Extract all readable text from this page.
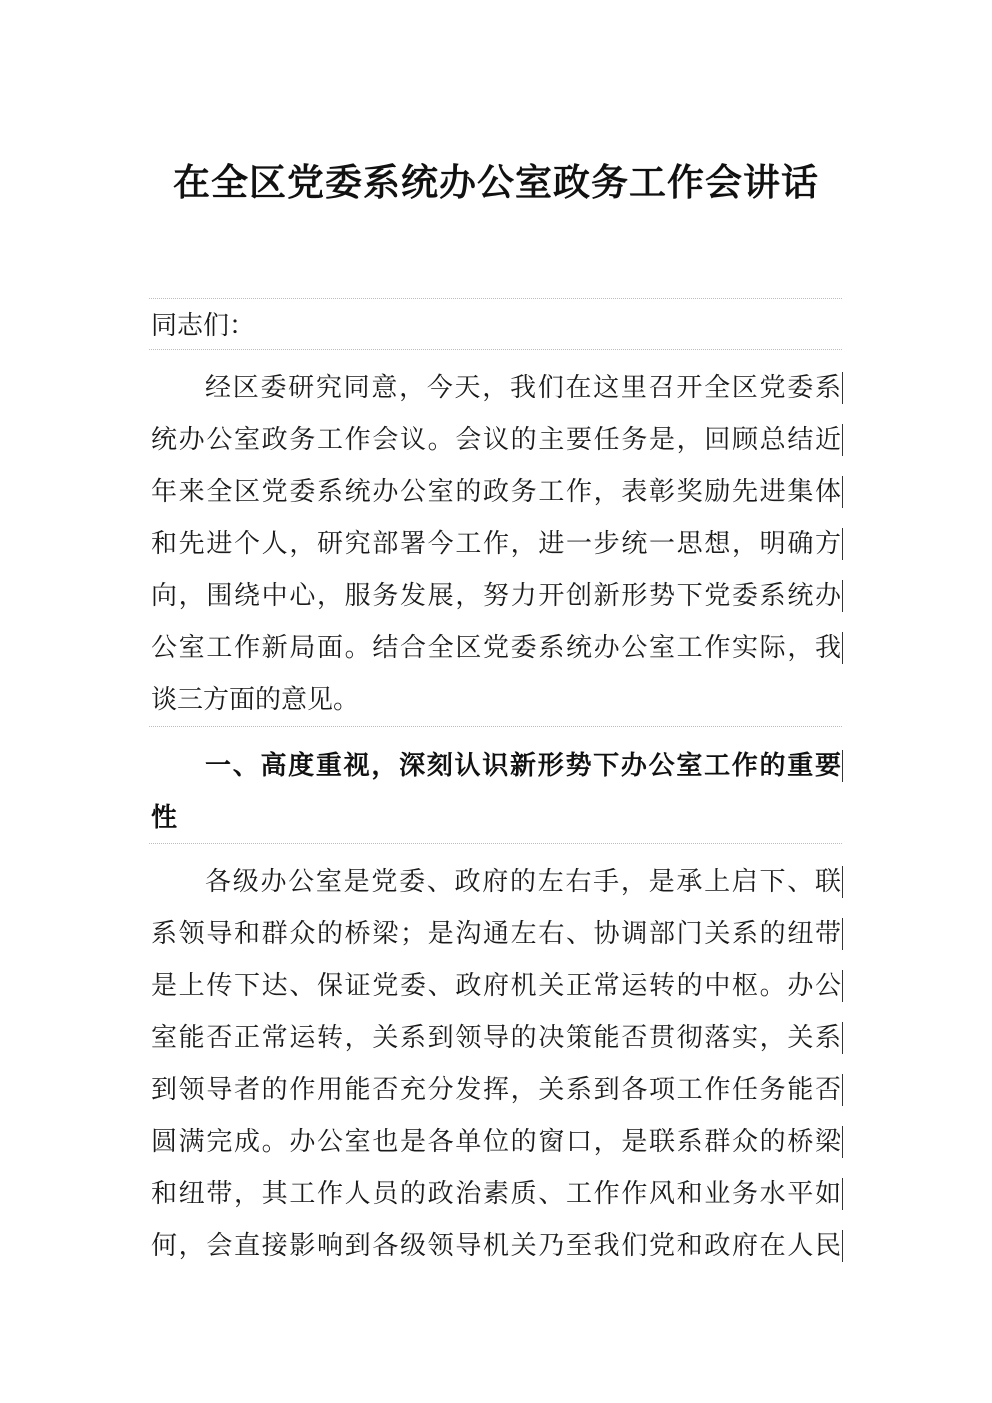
在全区党委系统办公室政务工作会讲话
同志们：
经区委研究同意，今天，我们在这里召开全区党委系
统办公室政务工作会议。会议的主要任务是，回顾总结近
年来全区党委系统办公室的政务工作，表彰奖励先进集体
和先进个人，研究部署今工作，进一步统一思想，明确方
向，围绕中心，服务发展，努力开创新形势下党委系统办
公室工作新局面。结合全区党委系统办公室工作实际，我
谈三方面的意见。
一、高度重视，深刻认识新形势下办公室工作的重要
性
各级办公室是党委、政府的左右手，是承上启下、联
系领导和群众的桥梁；是沟通左右、协调部门关系的纽带
是上传下达、保证党委、政府机关正常运转的中枢。办公
室能否正常运转，关系到领导的决策能否贯彻落实，关系
到领导者的作用能否充分发挥，关系到各项工作任务能否
圆满完成。办公室也是各单位的窗口，是联系群众的桥梁
和纽带，其工作人员的政治素质、工作作风和业务水平如
何，会直接影响到各级领导机关乃至我们党和政府在人民
